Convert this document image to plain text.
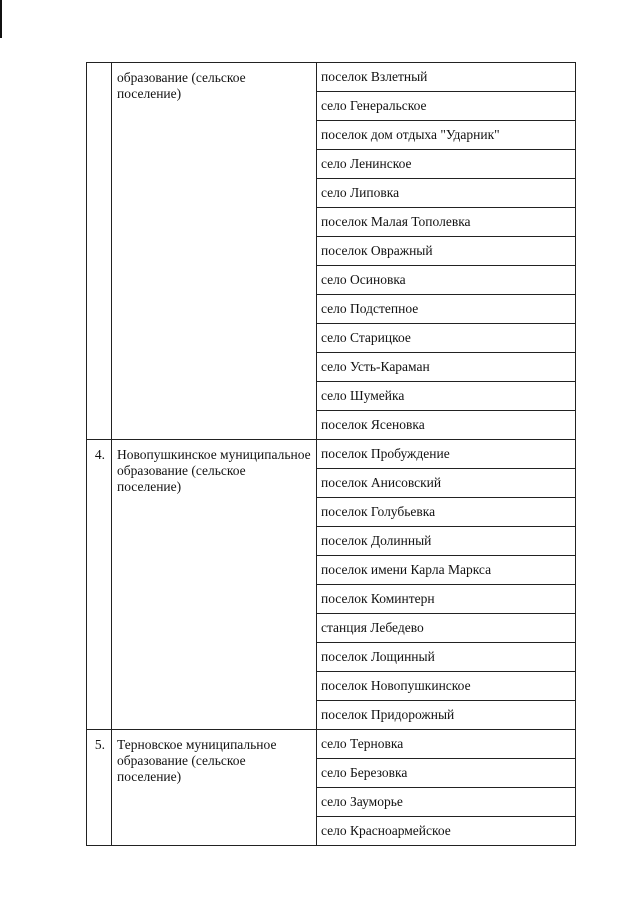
	образование (сельское поселение)	поселок Взлетный
		село Генеральское
		поселок дом отдыха "Ударник"
		село Ленинское
		село Липовка
		поселок Малая Тополевка
		поселок Овражный
		село Осиновка
		село Подстепное
		село Старицкое
		село Усть-Караман
		село Шумейка
		поселок Ясеновка
4.	Новопушкинское муниципальное образование (сельское поселение)	поселок Пробуждение
		поселок Анисовский
		поселок Голубьевка
		поселок Долинный
		поселок имени Карла Маркса
		поселок Коминтерн
		станция Лебедево
		поселок Лощинный
		поселок Новопушкинское
		поселок Придорожный
5.	Терновское муниципальное образование (сельское поселение)	село Терновка
		село Березовка
		село Зауморье
		село Красноармейское
